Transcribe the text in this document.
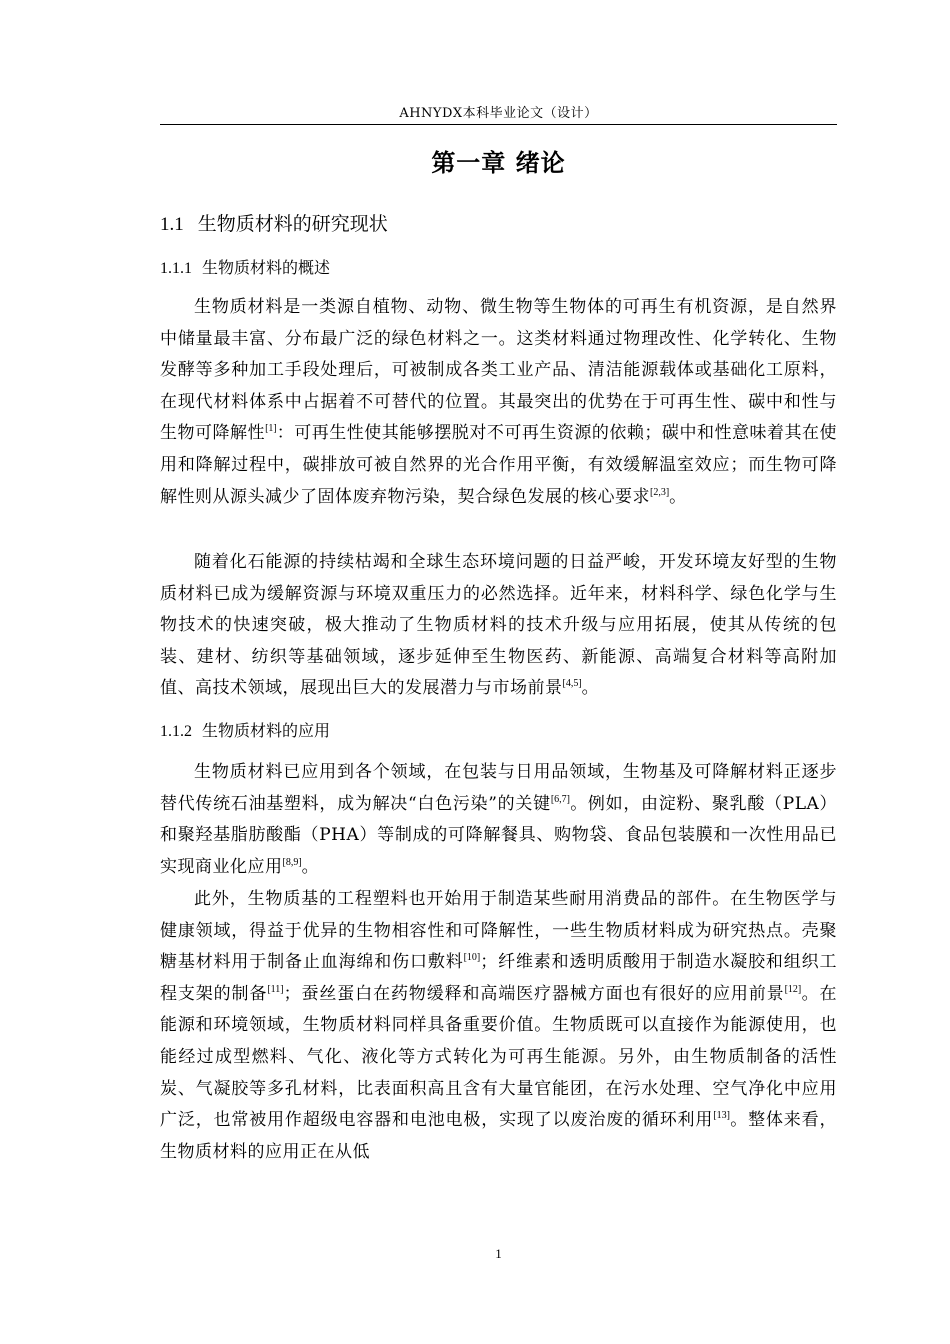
AHNYDX本科毕业论文（设计）
第一章 绪论
1.1 生物质材料的研究现状
1.1.1 生物质材料的概述

生物质材料是一类源自植物、动物、微生物等生物体的可再生有机资源，是自然界中储量最丰富、分布最广泛的绿色材料之一。这类材料通过物理改性、化学转化、生物发酵等多种加工手段处理后，可被制成各类工业产品、清洁能源载体或基础化工原料，在现代材料体系中占据着不可替代的位置。其最突出的优势在于可再生性、碳中和性与生物可降解性[1]：可再生性使其能够摆脱对不可再生资源的依赖；碳中和性意味着其在使用和降解过程中，碳排放可被自然界的光合作用平衡，有效缓解温室效应；而生物可降解性则从源头减少了固体废弃物污染，契合绿色发展的核心要求[2,3]。

随着化石能源的持续枯竭和全球生态环境问题的日益严峻，开发环境友好型的生物质材料已成为缓解资源与环境双重压力的必然选择。近年来，材料科学、绿色化学与生物技术的快速突破，极大推动了生物质材料的技术升级与应用拓展，使其从传统的包装、建材、纺织等基础领域，逐步延伸至生物医药、新能源、高端复合材料等高附加值、高技术领域，展现出巨大的发展潜力与市场前景[4,5]。

1.1.2 生物质材料的应用

生物质材料已应用到各个领域，在包装与日用品领域，生物基及可降解材料正逐步替代传统石油基塑料，成为解决“白色污染”的关键[6,7]。例如，由淀粉、聚乳酸（PLA）和聚羟基脂肪酸酯（PHA）等制成的可降解餐具、购物袋、食品包装膜和一次性用品已实现商业化应用[8,9]。

此外，生物质基的工程塑料也开始用于制造某些耐用消费品的部件。在生物医学与健康领域，得益于优异的生物相容性和可降解性，一些生物质材料成为研究热点。壳聚糖基材料用于制备止血海绵和伤口敷料[10]；纤维素和透明质酸用于制造水凝胶和组织工程支架的制备[11]；蚕丝蛋白在药物缓释和高端医疗器械方面也有很好的应用前景[12]。在能源和环境领域，生物质材料同样具备重要价值。生物质既可以直接作为能源使用，也能经过成型燃料、气化、液化等方式转化为可再生能源。另外，由生物质制备的活性炭、气凝胶等多孔材料，比表面积高且含有大量官能团，在污水处理、空气净化中应用广泛，也常被用作超级电容器和电池电极，实现了以废治废的循环利用[13]。整体来看，生物质材料的应用正在从低

1
